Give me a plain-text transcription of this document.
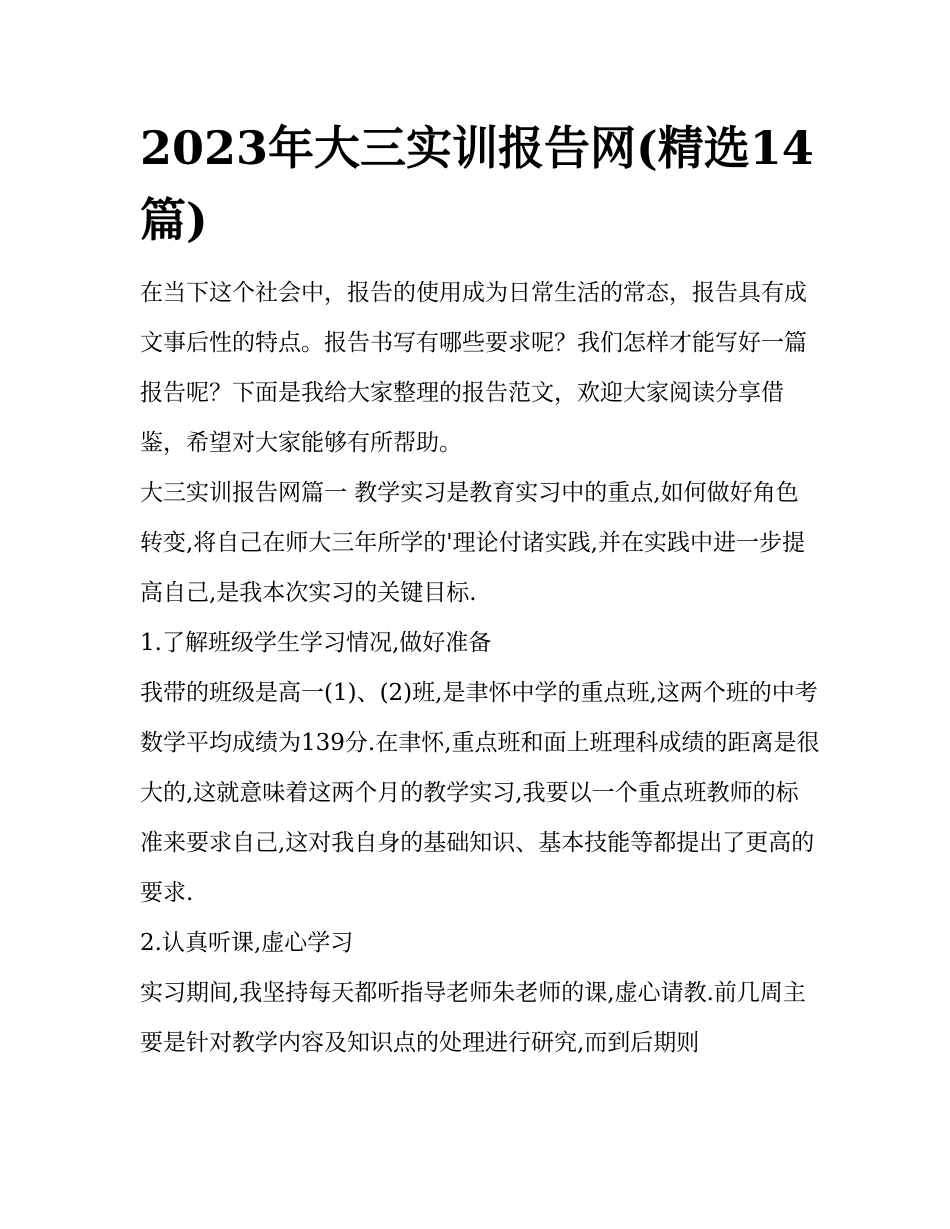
2023年大三实训报告网(精选14篇)

在当下这个社会中，报告的使用成为日常生活的常态，报告具有成文事后性的特点。报告书写有哪些要求呢？我们怎样才能写好一篇报告呢？下面是我给大家整理的报告范文，欢迎大家阅读分享借鉴，希望对大家能够有所帮助。

大三实训报告网篇一 教学实习是教育实习中的重点,如何做好角色转变,将自己在师大三年所学的'理论付诸实践,并在实践中进一步提高自己,是我本次实习的关键目标.

1.了解班级学生学习情况,做好准备

我带的班级是高一(1)、(2)班,是聿怀中学的重点班,这两个班的中考数学平均成绩为139分.在聿怀,重点班和面上班理科成绩的距离是很大的,这就意味着这两个月的教学实习,我要以一个重点班教师的标准来要求自己,这对我自身的基础知识、基本技能等都提出了更高的要求.

2.认真听课,虚心学习

实习期间,我坚持每天都听指导老师朱老师的课,虚心请教.前几周主要是针对教学内容及知识点的处理进行研究,而到后期则
